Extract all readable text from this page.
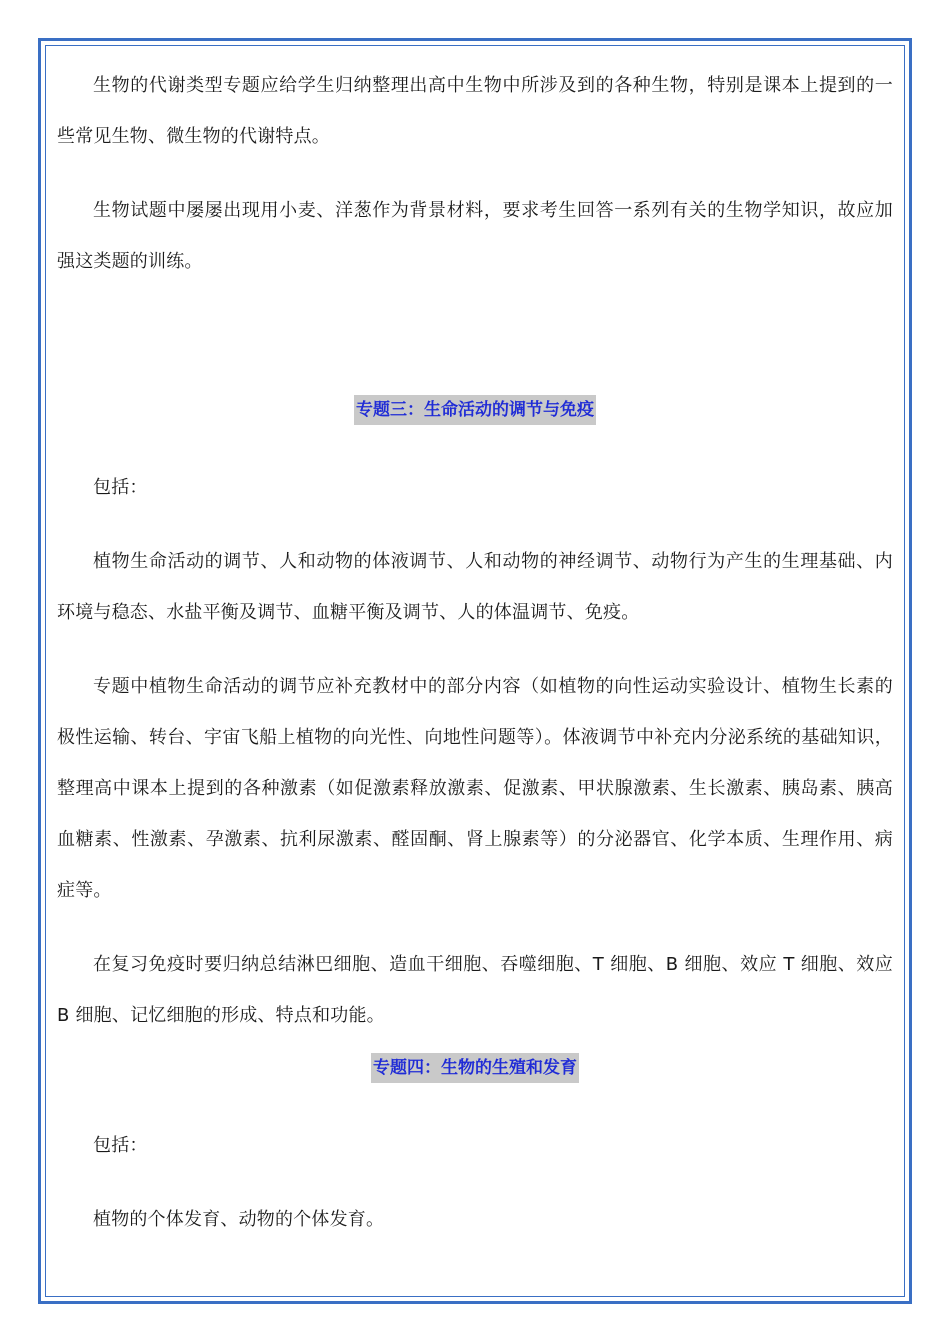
生物的代谢类型专题应给学生归纳整理出高中生物中所涉及到的各种生物，特别是课本上提到的一些常见生物、微生物的代谢特点。

生物试题中屡屡出现用小麦、洋葱作为背景材料，要求考生回答一系列有关的生物学知识，故应加强这类题的训练。

专题三：生命活动的调节与免疫

包括：

植物生命活动的调节、人和动物的体液调节、人和动物的神经调节、动物行为产生的生理基础、内环境与稳态、水盐平衡及调节、血糖平衡及调节、人的体温调节、免疫。

专题中植物生命活动的调节应补充教材中的部分内容（如植物的向性运动实验设计、植物生长素的极性运输、转台、宇宙飞船上植物的向光性、向地性问题等）。体液调节中补充内分泌系统的基础知识，整理高中课本上提到的各种激素（如促激素释放激素、促激素、甲状腺激素、生长激素、胰岛素、胰高血糖素、性激素、孕激素、抗利尿激素、醛固酮、肾上腺素等）的分泌器官、化学本质、生理作用、病症等。

在复习免疫时要归纳总结淋巴细胞、造血干细胞、吞噬细胞、T 细胞、B 细胞、效应 T 细胞、效应 B 细胞、记忆细胞的形成、特点和功能。

专题四：生物的生殖和发育

包括：

植物的个体发育、动物的个体发育。
